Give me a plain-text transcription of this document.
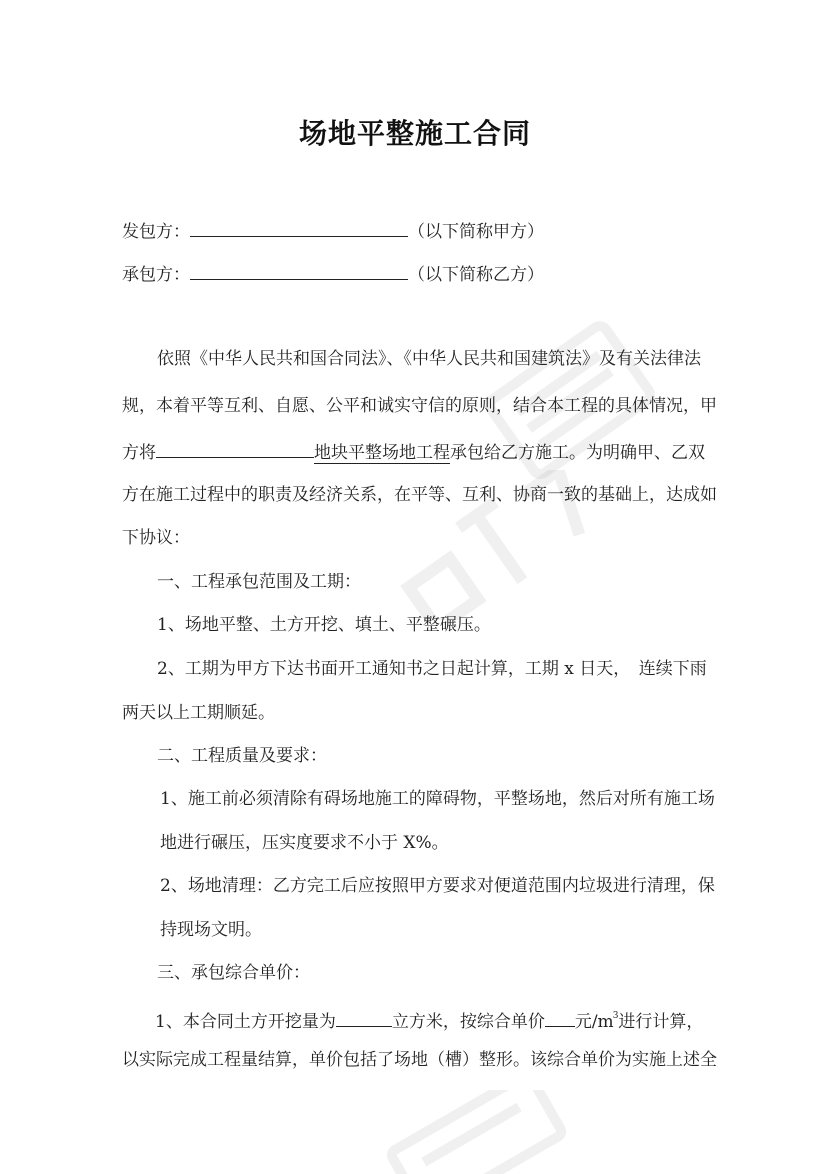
场地平整施工合同
发包方：	（以下简称甲方）
承包方：	（以下简称乙方）
依照《中华人民共和国合同法》、《中华人民共和国建筑法》及有关法律法
规，本着平等互利、自愿、公平和诚实守信的原则，结合本工程的具体情况，甲
方将	地块平整场地工程承包给乙方施工。为明确甲、乙双
方在施工过程中的职责及经济关系，在平等、互利、协商一致的基础上，达成如
下协议：
一、工程承包范围及工期：
1、场地平整、土方开挖、填土、平整碾压。
2、工期为甲方下达书面开工通知书之日起计算，工期 x 日天，　连续下雨
两天以上工期顺延。
二、工程质量及要求：
1、施工前必须清除有碍场地施工的障碍物，平整场地，然后对所有施工场
地进行碾压，压实度要求不小于 X%。
2、场地清理：乙方完工后应按照甲方要求对便道范围内垃圾进行清理，保
持现场文明。
三、承包综合单价：
1、本合同土方开挖量为	立方米，按综合单价 元$/m^3$进行计算，
以实际完成工程量结算，单价包括了场地（槽）整形。该综合单价为实施上述全
